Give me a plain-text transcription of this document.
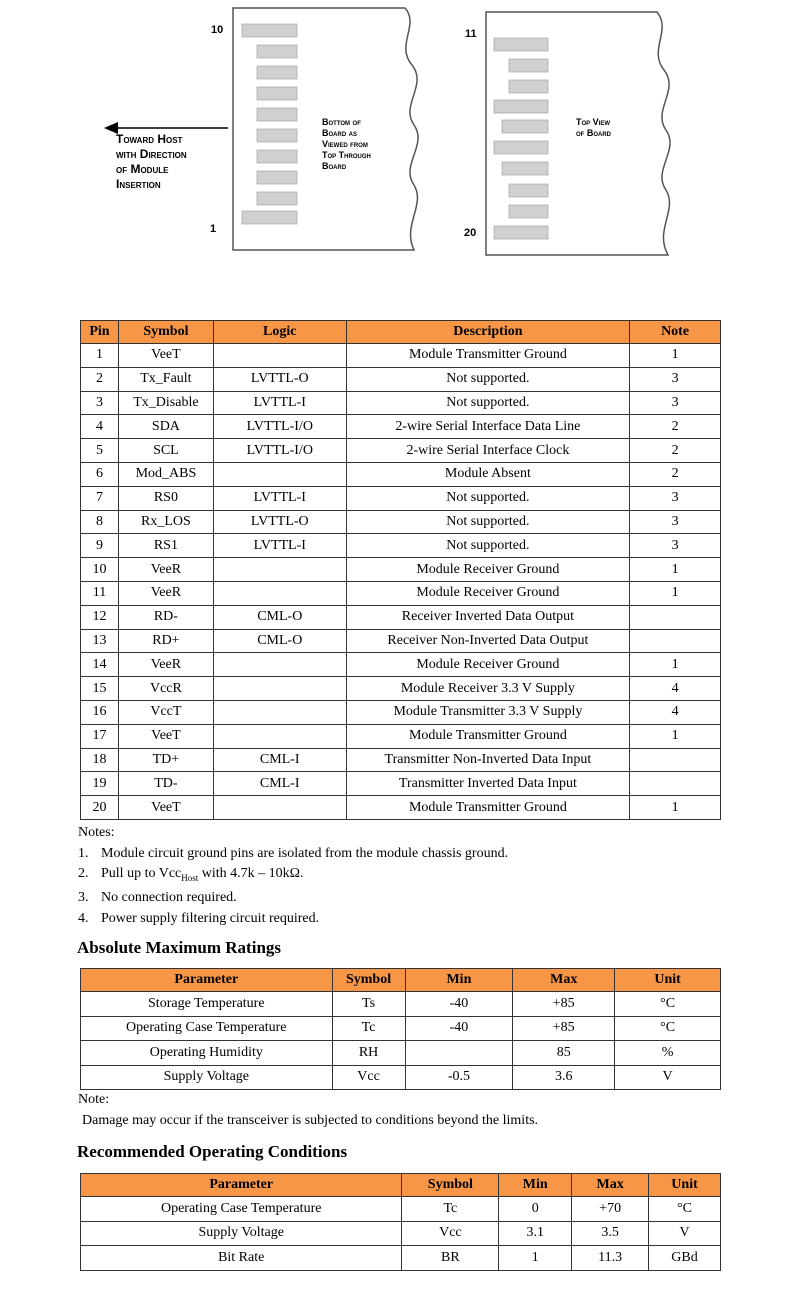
10
1
11
20
Bottom of
Board as
Viewed from
Top Through
Board
Top View
of Board
Toward Host
with Direction
of Module
Insertion
Pin	Symbol	Logic	Description	Note
1	VeeT		Module Transmitter Ground	1
2	Tx_Fault	LVTTL-O	Not supported.	3
3	Tx_Disable	LVTTL-I	Not supported.	3
4	SDA	LVTTL-I/O	2-wire Serial Interface Data Line	2
5	SCL	LVTTL-I/O	2-wire Serial Interface Clock	2
6	Mod_ABS		Module Absent	2
7	RS0	LVTTL-I	Not supported.	3
8	Rx_LOS	LVTTL-O	Not supported.	3
9	RS1	LVTTL-I	Not supported.	3
10	VeeR		Module Receiver Ground	1
11	VeeR		Module Receiver Ground	1
12	RD-	CML-O	Receiver Inverted Data Output	
13	RD+	CML-O	Receiver Non-Inverted Data Output	
14	VeeR		Module Receiver Ground	1
15	VccR		Module Receiver 3.3 V Supply	4
16	VccT		Module Transmitter 3.3 V Supply	4
17	VeeT		Module Transmitter Ground	1
18	TD+	CML-I	Transmitter Non-Inverted Data Input	
19	TD-	CML-I	Transmitter Inverted Data Input	
20	VeeT		Module Transmitter Ground	1
Notes:
1. Module circuit ground pins are isolated from the module chassis ground.
2. Pull up to Vcc$_{Host}$ with 4.7k – 10kΩ.
3. No connection required.
4. Power supply filtering circuit required.
Absolute Maximum Ratings
Parameter	Symbol	Min	Max	Unit
Storage Temperature	Ts	-40	+85	°C
Operating Case Temperature	Tc	-40	+85	°C
Operating Humidity	RH		85	%
Supply Voltage	Vcc	-0.5	3.6	V
Note:
Damage may occur if the transceiver is subjected to conditions beyond the limits.
Recommended Operating Conditions
Parameter	Symbol	Min	Max	Unit
Operating Case Temperature	Tc	0	+70	°C
Supply Voltage	Vcc	3.1	3.5	V
Bit Rate	BR	1	11.3	GBd
